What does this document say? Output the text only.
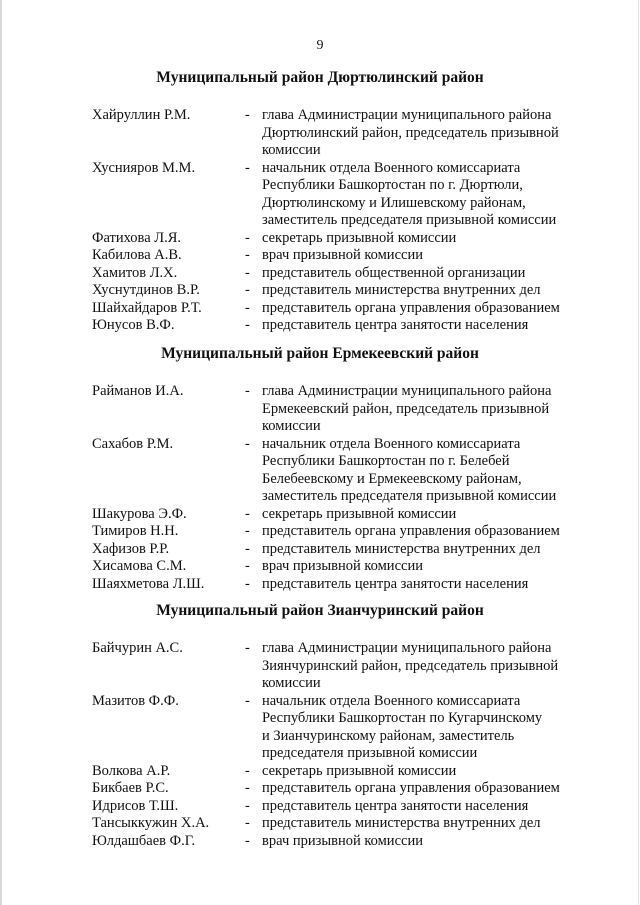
9
Муниципальный район Дюртюлинский район
Хайруллин Р.М.	- глава Администрации муниципального района
Дюртюлинский район, председатель призывной
комиссии
Хуснияров М.М.	- начальник отдела Военного комиссариата
Республики Башкортостан по г. Дюртюли,
Дюртюлинскому и Илишевскому районам,
заместитель председателя призывной комиссии
Фатихова Л.Я.	- секретарь призывной комиссии
Кабилова А.В.	- врач призывной комиссии
Хамитов Л.Х.	- представитель общественной организации
Хуснутдинов В.Р.	- представитель министерства внутренних дел
Шайхайдаров Р.Т.	- представитель органа управления образованием
Юнусов В.Ф.	- представитель центра занятости населения
Муниципальный район Ермекеевский район
Райманов И.А.	- глава Администрации муниципального района
Ермекеевский район, председатель призывной
комиссии
Сахабов Р.М.	- начальник отдела Военного комиссариата
Республики Башкортостан по г. Белебей
Белебеевскому и Ермекеевскому районам,
заместитель председателя призывной комиссии
Шакурова Э.Ф.	- секретарь призывной комиссии
Тимиров Н.Н.	- представитель органа управления образованием
Хафизов Р.Р.	- представитель министерства внутренних дел
Хисамова С.М.	- врач призывной комиссии
Шаяхметова Л.Ш.	- представитель центра занятости населения
Муниципальный район Зианчуринский район
Байчурин А.С.	- глава Администрации муниципального района
Зиянчуринский район, председатель призывной
комиссии
Мазитов Ф.Ф.	- начальник отдела Военного комиссариата
Республики Башкортостан по Кугарчинскому
и Зианчуринскому районам, заместитель
председателя призывной комиссии
Волкова А.Р.	- секретарь призывной комиссии
Бикбаев Р.С.	- представитель органа управления образованием
Идрисов Т.Ш.	- представитель центра занятости населения
Тансыккужин Х.А. - представитель министерства внутренних дел
Юлдашбаев Ф.Г.	- врач призывной комиссии
